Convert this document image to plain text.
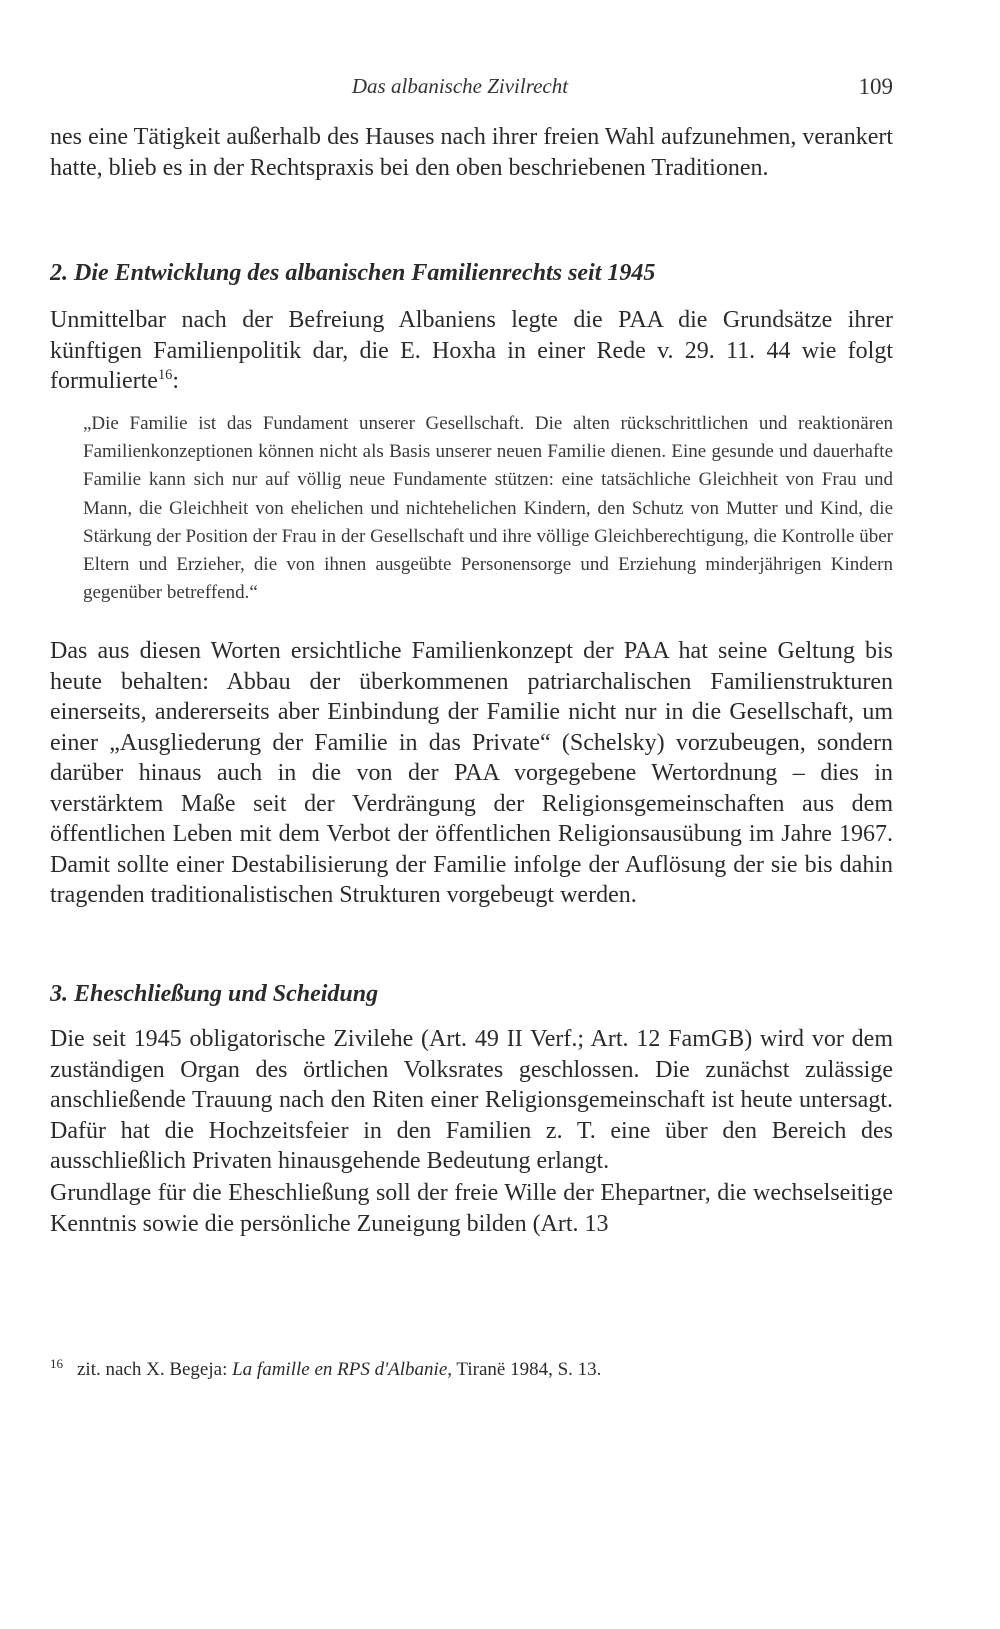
Das albanische Zivilrecht	109

nes eine Tätigkeit außerhalb des Hauses nach ihrer freien Wahl aufzunehmen, verankert hatte, blieb es in der Rechtspraxis bei den oben beschriebenen Traditionen.

2. Die Entwicklung des albanischen Familienrechts seit 1945

Unmittelbar nach der Befreiung Albaniens legte die PAA die Grundsätze ihrer künftigen Familienpolitik dar, die E. Hoxha in einer Rede v. 29. 11. 44 wie folgt formulierte$^{16}$:

„Die Familie ist das Fundament unserer Gesellschaft. Die alten rückschrittlichen und reaktionären Familienkonzeptionen können nicht als Basis unserer neuen Familie dienen. Eine gesunde und dauerhafte Familie kann sich nur auf völlig neue Fundamente stützen: eine tatsächliche Gleichheit von Frau und Mann, die Gleichheit von ehelichen und nichtehelichen Kindern, den Schutz von Mutter und Kind, die Stärkung der Position der Frau in der Gesellschaft und ihre völlige Gleichberechtigung, die Kontrolle über Eltern und Erzieher, die von ihnen ausgeübte Personensorge und Erziehung minderjährigen Kindern gegenüber betreffend.“

Das aus diesen Worten ersichtliche Familienkonzept der PAA hat seine Geltung bis heute behalten: Abbau der überkommenen patriarchalischen Familienstrukturen einerseits, andererseits aber Einbindung der Familie nicht nur in die Gesellschaft, um einer „Ausgliederung der Familie in das Private“ (Schelsky) vorzubeugen, sondern darüber hinaus auch in die von der PAA vorgegebene Wertordnung – dies in verstärktem Maße seit der Verdrängung der Religionsgemeinschaften aus dem öffentlichen Leben mit dem Verbot der öffentlichen Religionsausübung im Jahre 1967. Damit sollte einer Destabilisierung der Familie infolge der Auflösung der sie bis dahin tragenden traditionalistischen Strukturen vorgebeugt werden.

3. Eheschließung und Scheidung

Die seit 1945 obligatorische Zivilehe (Art. 49 II Verf.; Art. 12 FamGB) wird vor dem zuständigen Organ des örtlichen Volksrates geschlossen. Die zunächst zulässige anschließende Trauung nach den Riten einer Religionsgemeinschaft ist heute untersagt. Dafür hat die Hochzeitsfeier in den Familien z. T. eine über den Bereich des ausschließlich Privaten hinausgehende Bedeutung erlangt.

Grundlage für die Eheschließung soll der freie Wille der Ehepartner, die wechselseitige Kenntnis sowie die persönliche Zuneigung bilden (Art. 13

$^{16}$ zit. nach X. Begeja: La famille en RPS d'Albanie, Tiranë 1984, S. 13.
